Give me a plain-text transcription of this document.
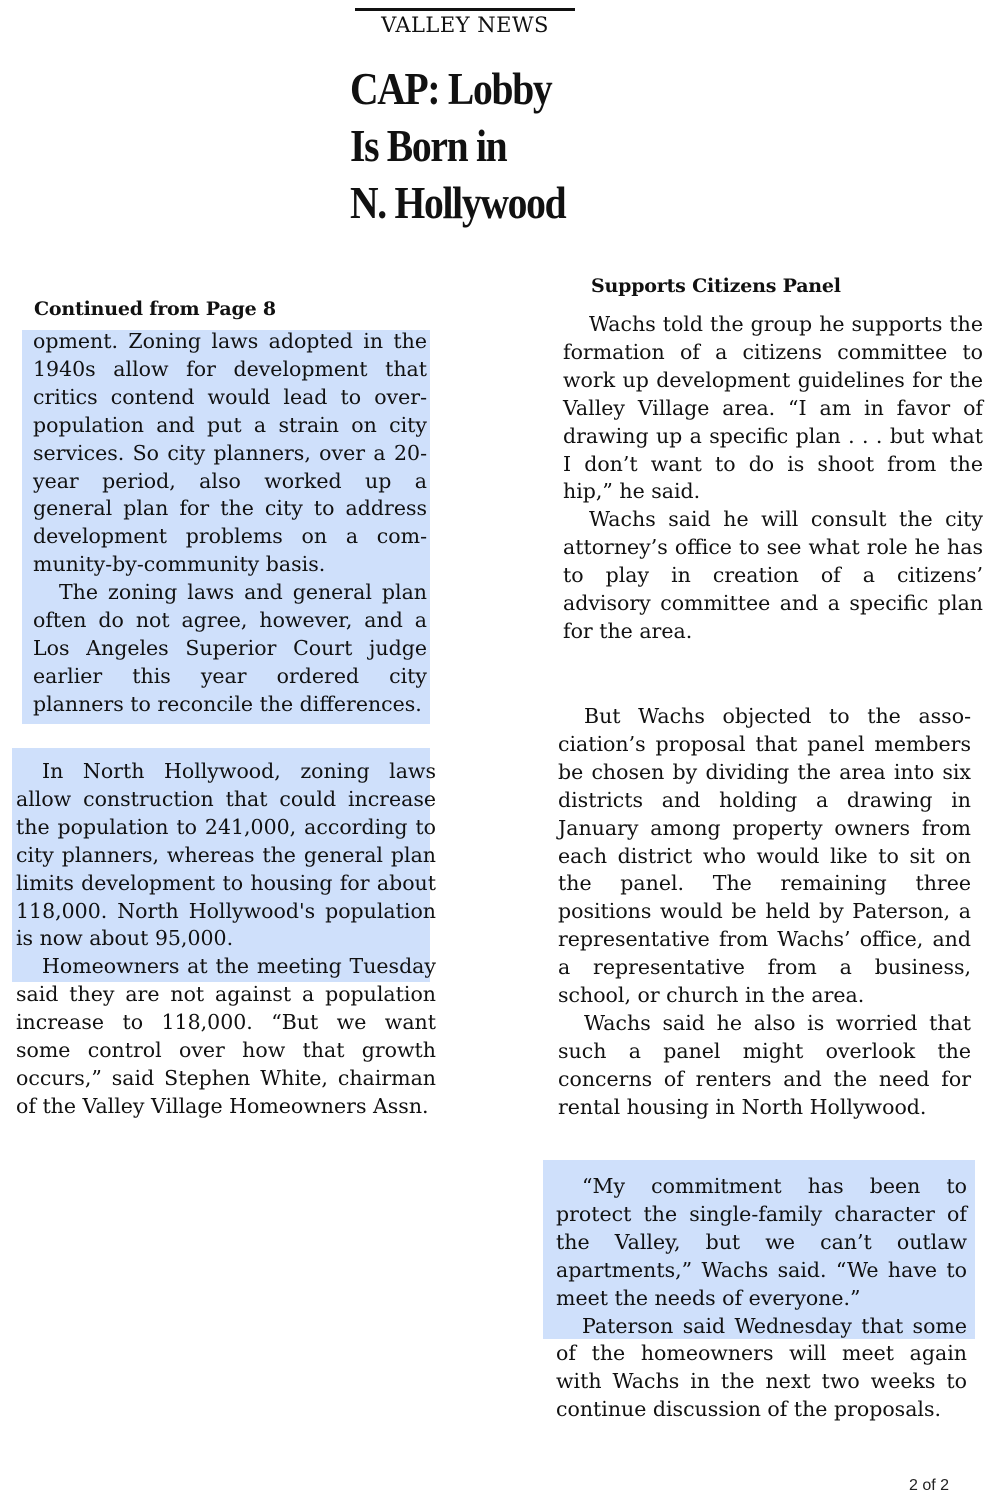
VALLEY NEWS
CAP: Lobby
Is Born in
N. Hollywood
Continued from Page 8

opment. Zoning laws adopted in the 1940s allow for development that critics contend would lead to overpopulation and put a strain on city services. So city planners, over a 20-year period, also worked up a general plan for the city to address development problems on a community-by-community basis.

The zoning laws and general plan often do not agree, however, and a Los Angeles Superior Court judge earlier this year ordered city planners to reconcile the differences.

In North Hollywood, zoning laws allow construction that could increase the population to 241,000, according to city planners, whereas the general plan limits development to housing for about 118,000. North Hollywood's population is now about 95,000.

Homeowners at the meeting Tuesday said they are not against a population increase to 118,000. “But we want some control over how that growth occurs,” said Stephen White, chairman of the Valley Village Homeowners Assn.

Supports Citizens Panel

Wachs told the group he supports the formation of a citizens committee to work up development guidelines for the Valley Village area. “I am in favor of drawing up a specific plan . . . but what I don’t want to do is shoot from the hip,” he said.

Wachs said he will consult the city attorney’s office to see what role he has to play in creation of a citizens’ advisory committee and a specific plan for the area.

But Wachs objected to the association’s proposal that panel members be chosen by dividing the area into six districts and holding a drawing in January among property owners from each district who would like to sit on the panel. The remaining three positions would be held by Paterson, a representative from Wachs’ office, and a representative from a business, school, or church in the area.

Wachs said he also is worried that such a panel might overlook the concerns of renters and the need for rental housing in North Hollywood.

“My commitment has been to protect the single-family character of the Valley, but we can’t outlaw apartments,” Wachs said. “We have to meet the needs of everyone.”

Paterson said Wednesday that some of the homeowners will meet again with Wachs in the next two weeks to continue discussion of the proposals.

2 of 2
